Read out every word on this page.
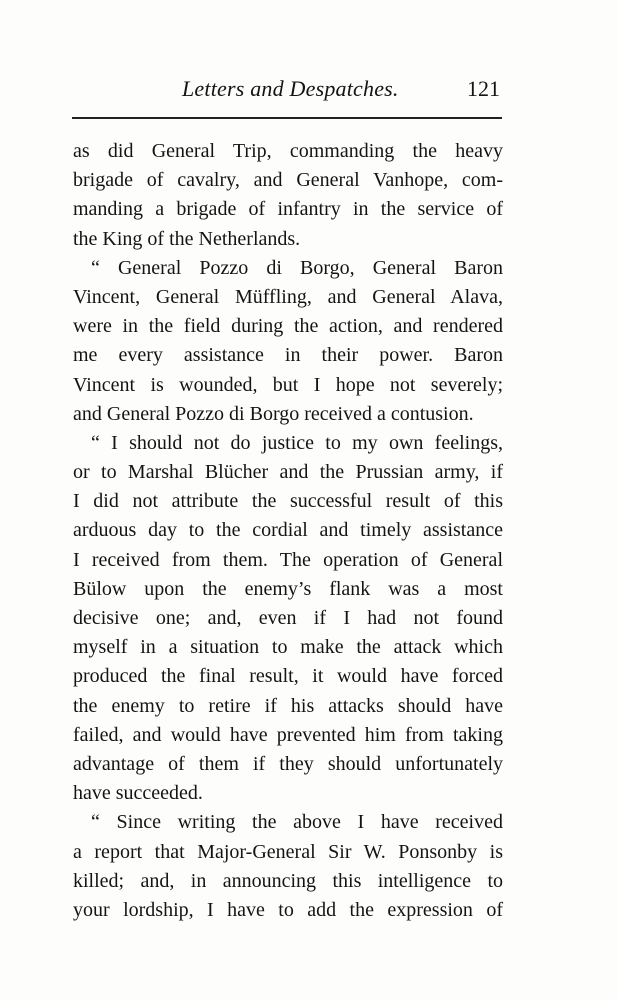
Letters and Despatches.	121
as did General Trip, commanding the heavy
brigade of cavalry, and General Vanhope, com-
manding a brigade of infantry in the service of
the King of the Netherlands.
“ General Pozzo di Borgo, General Baron
Vincent, General Müffling, and General Alava,
were in the field during the action, and rendered
me every assistance in their power. Baron
Vincent is wounded, but I hope not severely;
and General Pozzo di Borgo received a contusion.
“ I should not do justice to my own feelings,
or to Marshal Blücher and the Prussian army, if
I did not attribute the successful result of this
arduous day to the cordial and timely assistance
I received from them. The operation of General
Bülow upon the enemy’s flank was a most
decisive one; and, even if I had not found
myself in a situation to make the attack which
produced the final result, it would have forced
the enemy to retire if his attacks should have
failed, and would have prevented him from taking
advantage of them if they should unfortunately
have succeeded.
“ Since writing the above I have received
a report that Major-General Sir W. Ponsonby is
killed; and, in announcing this intelligence to
your lordship, I have to add the expression of
